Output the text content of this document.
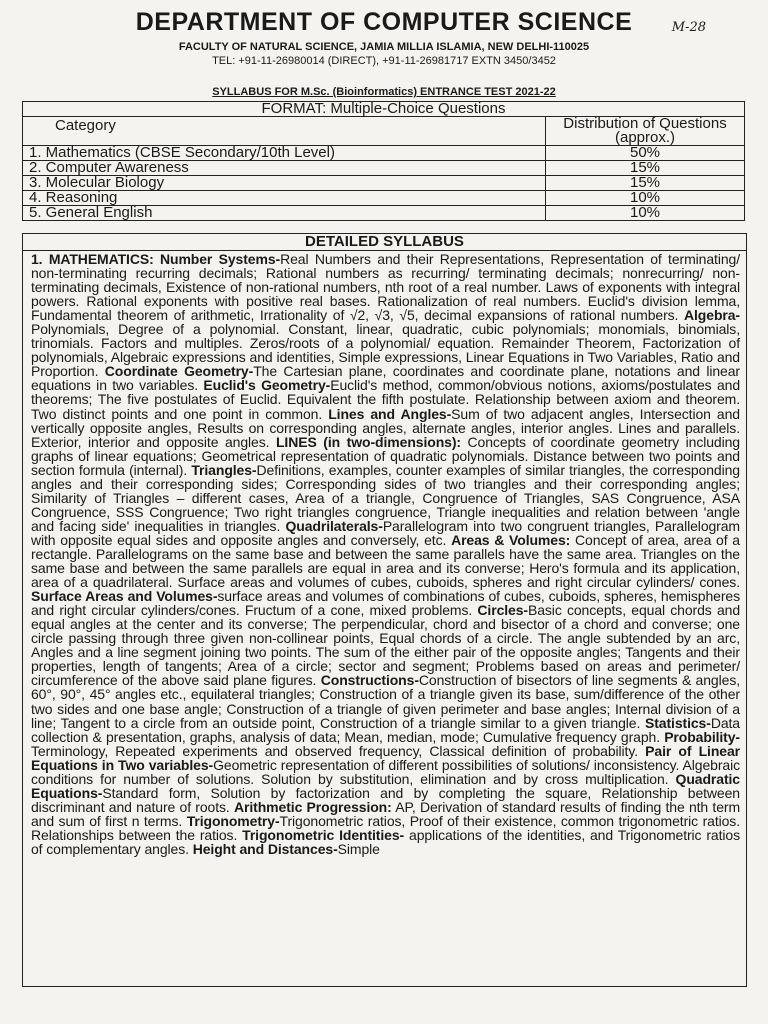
DEPARTMENT OF COMPUTER SCIENCE
FACULTY OF NATURAL SCIENCE, JAMIA MILLIA ISLAMIA, NEW DELHI-110025
TEL: +91-11-26980014 (DIRECT), +91-11-26981717 EXTN 3450/3452
M-28
SYLLABUS FOR M.Sc. (Bioinformatics) ENTRANCE TEST 2021-22
FORMAT: Multiple-Choice Questions	
Category	Distribution of Questions (approx.)
1. Mathematics (CBSE Secondary/10th Level)	50%
2. Computer Awareness	15%
3. Molecular Biology	15%
4. Reasoning	10%
5. General English	10%
DETAILED SYLLABUS
1. MATHEMATICS: Number Systems-Real Numbers and their Representations, Representation of terminating/ non-terminating recurring decimals; Rational numbers as recurring/ terminating decimals; nonrecurring/ non-terminating decimals, Existence of non-rational numbers, nth root of a real number. Laws of exponents with integral powers. Rational exponents with positive real bases. Rationalization of real numbers. Euclid's division lemma, Fundamental theorem of arithmetic, Irrationality of √2, √3, √5, decimal expansions of rational numbers. Algebra-Polynomials, Degree of a polynomial. Constant, linear, quadratic, cubic polynomials; monomials, binomials, trinomials. Factors and multiples. Zeros/roots of a polynomial/ equation. Remainder Theorem, Factorization of polynomials, Algebraic expressions and identities, Simple expressions, Linear Equations in Two Variables, Ratio and Proportion. Coordinate Geometry-The Cartesian plane, coordinates and coordinate plane, notations and linear equations in two variables. Euclid's Geometry-Euclid's method, common/obvious notions, axioms/postulates and theorems; The five postulates of Euclid. Equivalent the fifth postulate. Relationship between axiom and theorem. Two distinct points and one point in common. Lines and Angles-Sum of two adjacent angles, Intersection and vertically opposite angles, Results on corresponding angles, alternate angles, interior angles. Lines and parallels. Exterior, interior and opposite angles. LINES (in two-dimensions): Concepts of coordinate geometry including graphs of linear equations; Geometrical representation of quadratic polynomials. Distance between two points and section formula (internal). Triangles-Definitions, examples, counter examples of similar triangles, the corresponding angles and their corresponding sides; Corresponding sides of two triangles and their corresponding angles; Similarity of Triangles – different cases, Area of a triangle, Congruence of Triangles, SAS Congruence, ASA Congruence, SSS Congruence; Two right triangles congruence, Triangle inequalities and relation between 'angle and facing side' inequalities in triangles. Quadrilaterals-Parallelogram into two congruent triangles, Parallelogram with opposite equal sides and opposite angles and conversely, etc. Areas & Volumes: Concept of area, area of a rectangle. Parallelograms on the same base and between the same parallels have the same area. Triangles on the same base and between the same parallels are equal in area and its converse; Hero's formula and its application, area of a quadrilateral. Surface areas and volumes of cubes, cuboids, spheres and right circular cylinders/ cones. Surface Areas and Volumes-surface areas and volumes of combinations of cubes, cuboids, spheres, hemispheres and right circular cylinders/cones. Fructum of a cone, mixed problems. Circles-Basic concepts, equal chords and equal angles at the center and its converse; The perpendicular, chord and bisector of a chord and converse; one circle passing through three given non-collinear points, Equal chords of a circle. The angle subtended by an arc, Angles and a line segment joining two points. The sum of the either pair of the opposite angles; Tangents and their properties, length of tangents; Area of a circle; sector and segment; Problems based on areas and perimeter/ circumference of the above said plane figures. Constructions-Construction of bisectors of line segments & angles, 60°, 90°, 45° angles etc., equilateral triangles; Construction of a triangle given its base, sum/difference of the other two sides and one base angle; Construction of a triangle of given perimeter and base angles; Internal division of a line; Tangent to a circle from an outside point, Construction of a triangle similar to a given triangle. Statistics-Data collection & presentation, graphs, analysis of data; Mean, median, mode; Cumulative frequency graph. Probability-Terminology, Repeated experiments and observed frequency, Classical definition of probability. Pair of Linear Equations in Two variables-Geometric representation of different possibilities of solutions/ inconsistency. Algebraic conditions for number of solutions. Solution by substitution, elimination and by cross multiplication. Quadratic Equations-Standard form, Solution by factorization and by completing the square, Relationship between discriminant and nature of roots. Arithmetic Progression: AP, Derivation of standard results of finding the nth term and sum of first n terms. Trigonometry-Trigonometric ratios, Proof of their existence, common trigonometric ratios. Relationships between the ratios. Trigonometric Identities- applications of the identities, and Trigonometric ratios of complementary angles. Height and Distances-Simple
